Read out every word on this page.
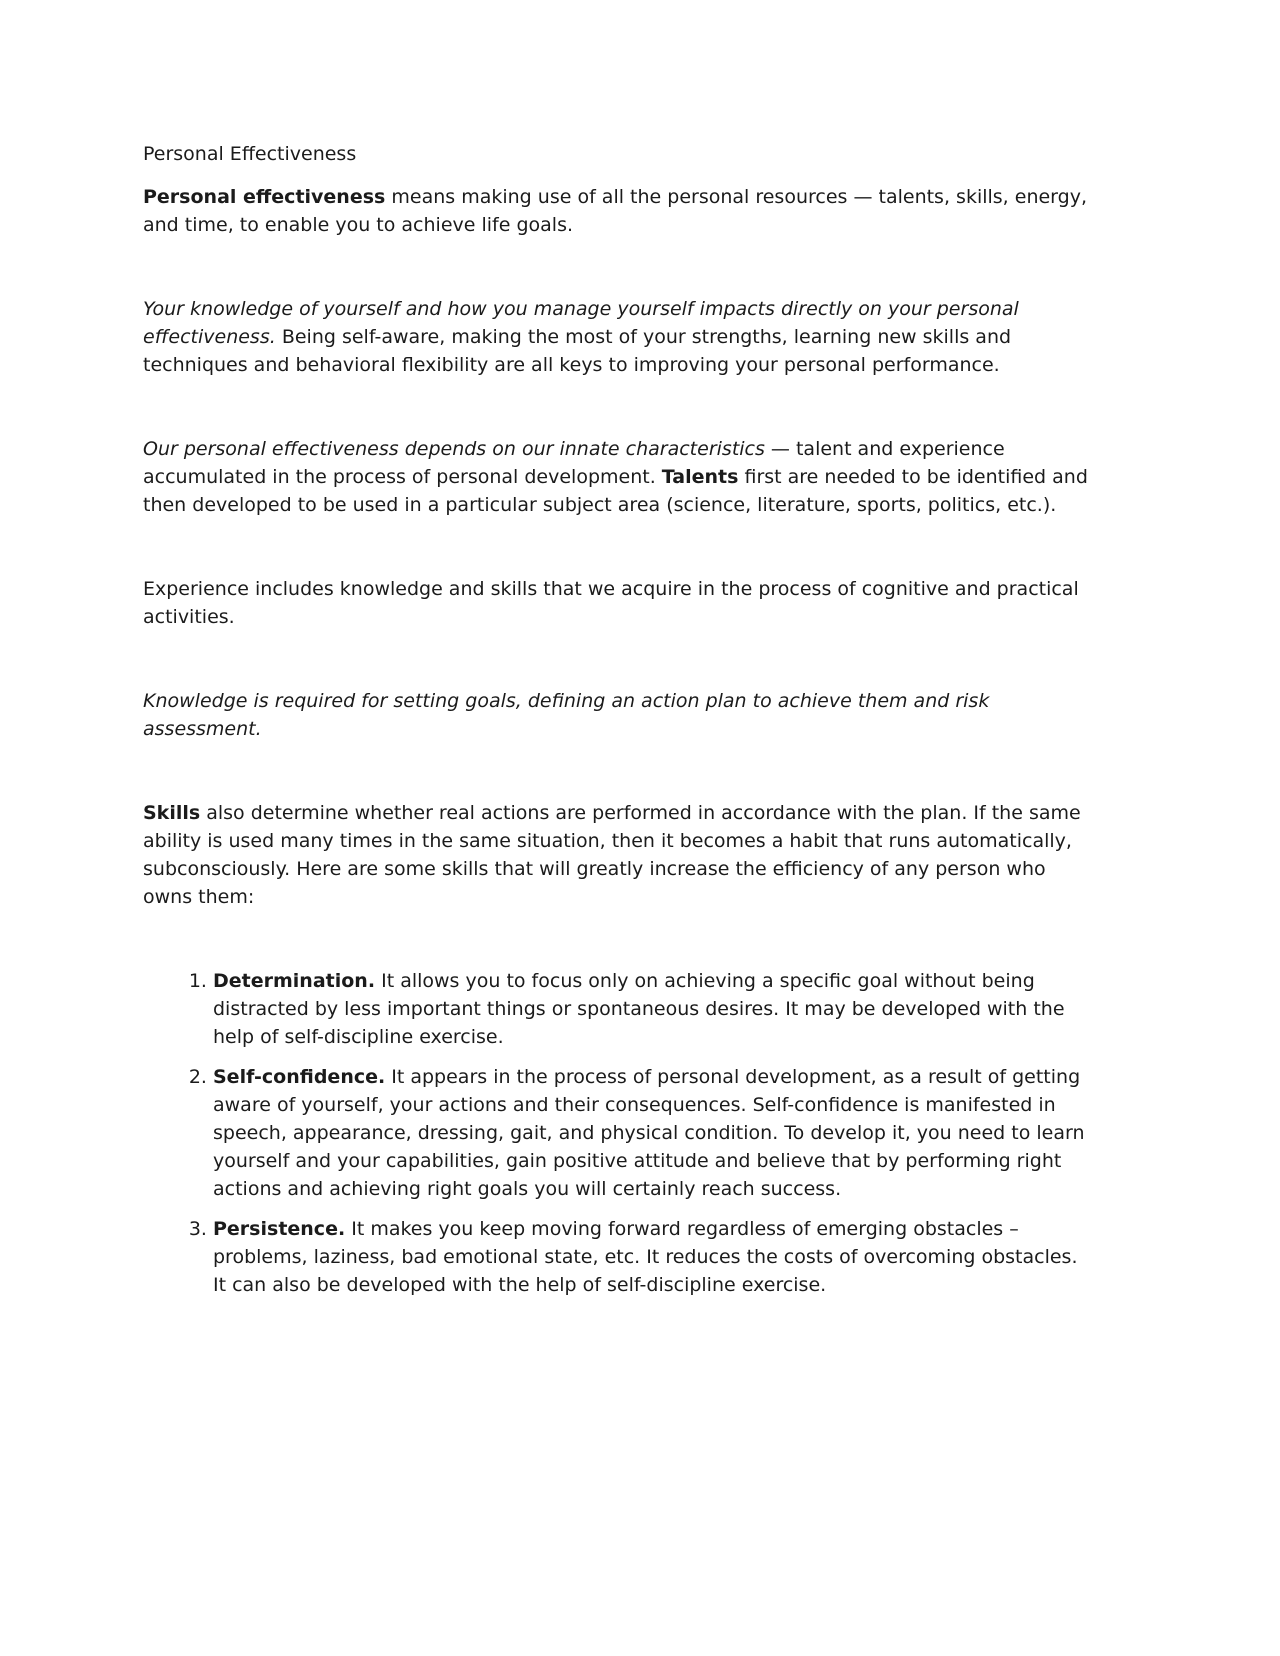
Personal Effectiveness

Personal effectiveness means making use of all the personal resources — talents, skills, energy, and time, to enable you to achieve life goals.

Your knowledge of yourself and how you manage yourself impacts directly on your personal effectiveness. Being self-aware, making the most of your strengths, learning new skills and techniques and behavioral flexibility are all keys to improving your personal performance.

Our personal effectiveness depends on our innate characteristics — talent and experience accumulated in the process of personal development. Talents first are needed to be identified and then developed to be used in a particular subject area (science, literature, sports, politics, etc.).

Experience includes knowledge and skills that we acquire in the process of cognitive and practical activities.

Knowledge is required for setting goals, defining an action plan to achieve them and risk assessment.

Skills also determine whether real actions are performed in accordance with the plan. If the same ability is used many times in the same situation, then it becomes a habit that runs automatically, subconsciously. Here are some skills that will greatly increase the efficiency of any person who owns them:

1. Determination. It allows you to focus only on achieving a specific goal without being distracted by less important things or spontaneous desires. It may be developed with the help of self-discipline exercise.
2. Self-confidence. It appears in the process of personal development, as a result of getting aware of yourself, your actions and their consequences. Self-confidence is manifested in speech, appearance, dressing, gait, and physical condition. To develop it, you need to learn yourself and your capabilities, gain positive attitude and believe that by performing right actions and achieving right goals you will certainly reach success.
3. Persistence. It makes you keep moving forward regardless of emerging obstacles – problems, laziness, bad emotional state, etc. It reduces the costs of overcoming obstacles. It can also be developed with the help of self-discipline exercise.
